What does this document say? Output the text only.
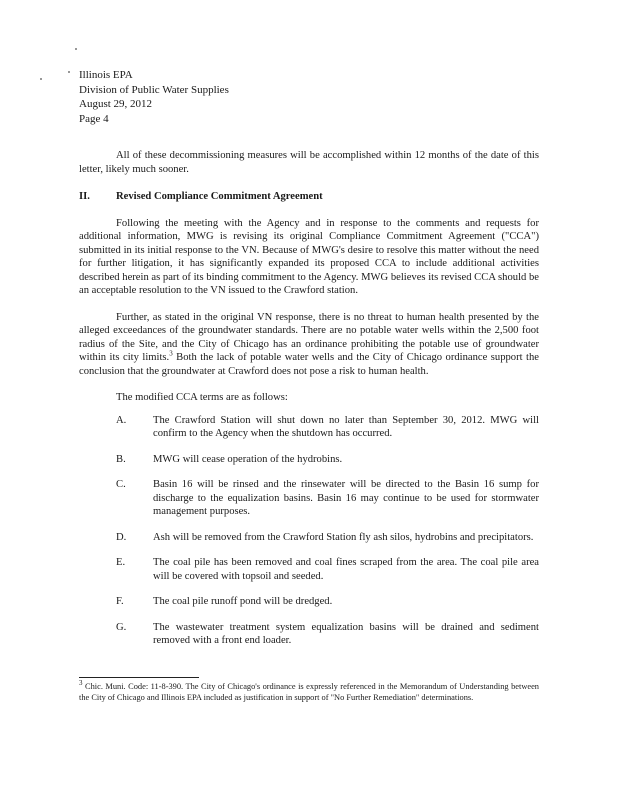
Illinois EPA
Division of Public Water Supplies
August 29, 2012
Page 4

All of these decommissioning measures will be accomplished within 12 months of the date of this letter, likely much sooner.

II.	Revised Compliance Commitment Agreement

Following the meeting with the Agency and in response to the comments and requests for additional information, MWG is revising its original Compliance Commitment Agreement ("CCA") submitted in its initial response to the VN. Because of MWG's desire to resolve this matter without the need for further litigation, it has significantly expanded its proposed CCA to include additional activities described herein as part of its binding commitment to the Agency. MWG believes its revised CCA should be an acceptable resolution to the VN issued to the Crawford station.

Further, as stated in the original VN response, there is no threat to human health presented by the alleged exceedances of the groundwater standards. There are no potable water wells within the 2,500 foot radius of the Site, and the City of Chicago has an ordinance prohibiting the potable use of groundwater within its city limits.$^3$ Both the lack of potable water wells and the City of Chicago ordinance support the conclusion that the groundwater at Crawford does not pose a risk to human health.

The modified CCA terms are as follows:

A.	The Crawford Station will shut down no later than September 30, 2012. MWG will confirm to the Agency when the shutdown has occurred.
B.	MWG will cease operation of the hydrobins.
C.	Basin 16 will be rinsed and the rinsewater will be directed to the Basin 16 sump for discharge to the equalization basins. Basin 16 may continue to be used for stormwater management purposes.
D.	Ash will be removed from the Crawford Station fly ash silos, hydrobins and precipitators.
E.	The coal pile has been removed and coal fines scraped from the area. The coal pile area will be covered with topsoil and seeded.
F.	The coal pile runoff pond will be dredged.
G.	The wastewater treatment system equalization basins will be drained and sediment removed with a front end loader.

$^3$ Chic. Muni. Code: 11-8-390. The City of Chicago's ordinance is expressly referenced in the Memorandum of Understanding between the City of Chicago and Illinois EPA included as justification in support of "No Further Remediation" determinations.
